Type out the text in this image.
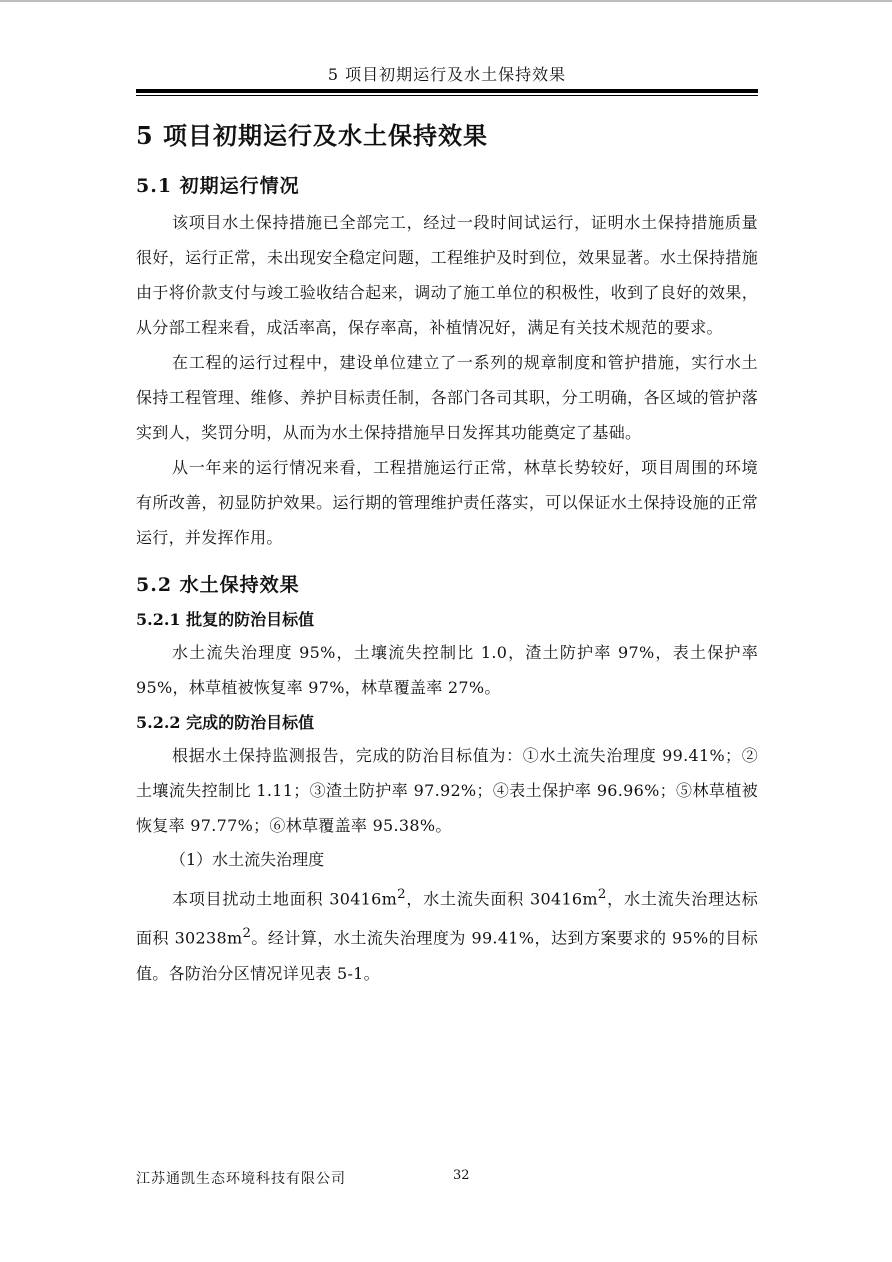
5 项目初期运行及水土保持效果
5 项目初期运行及水土保持效果
5.1 初期运行情况

该项目水土保持措施已全部完工，经过一段时间试运行，证明水土保持措施质量很好，运行正常，未出现安全稳定问题，工程维护及时到位，效果显著。水土保持措施由于将价款支付与竣工验收结合起来，调动了施工单位的积极性，收到了良好的效果，从分部工程来看，成活率高，保存率高，补植情况好，满足有关技术规范的要求。

在工程的运行过程中，建设单位建立了一系列的规章制度和管护措施，实行水土保持工程管理、维修、养护目标责任制，各部门各司其职，分工明确，各区域的管护落实到人，奖罚分明，从而为水土保持措施早日发挥其功能奠定了基础。

从一年来的运行情况来看，工程措施运行正常，林草长势较好，项目周围的环境有所改善，初显防护效果。运行期的管理维护责任落实，可以保证水土保持设施的正常运行，并发挥作用。

5.2 水土保持效果
5.2.1 批复的防治目标值

水土流失治理度 95%，土壤流失控制比 1.0，渣土防护率 97%，表土保护率 95%，林草植被恢复率 97%，林草覆盖率 27%。

5.2.2 完成的防治目标值

根据水土保持监测报告，完成的防治目标值为：①水土流失治理度 99.41%；②土壤流失控制比 1.11；③渣土防护率 97.92%；④表土保护率 96.96%；⑤林草植被恢复率 97.77%；⑥林草覆盖率 95.38%。

（1）水土流失治理度

本项目扰动土地面积 $30416m^2$，水土流失面积 $30416m^2$，水土流失治理达标面积 $30238m^2$。经计算，水土流失治理度为 99.41%，达到方案要求的 95%的目标值。各防治分区情况详见表 5-1。

江苏通凯生态环境科技有限公司	32
